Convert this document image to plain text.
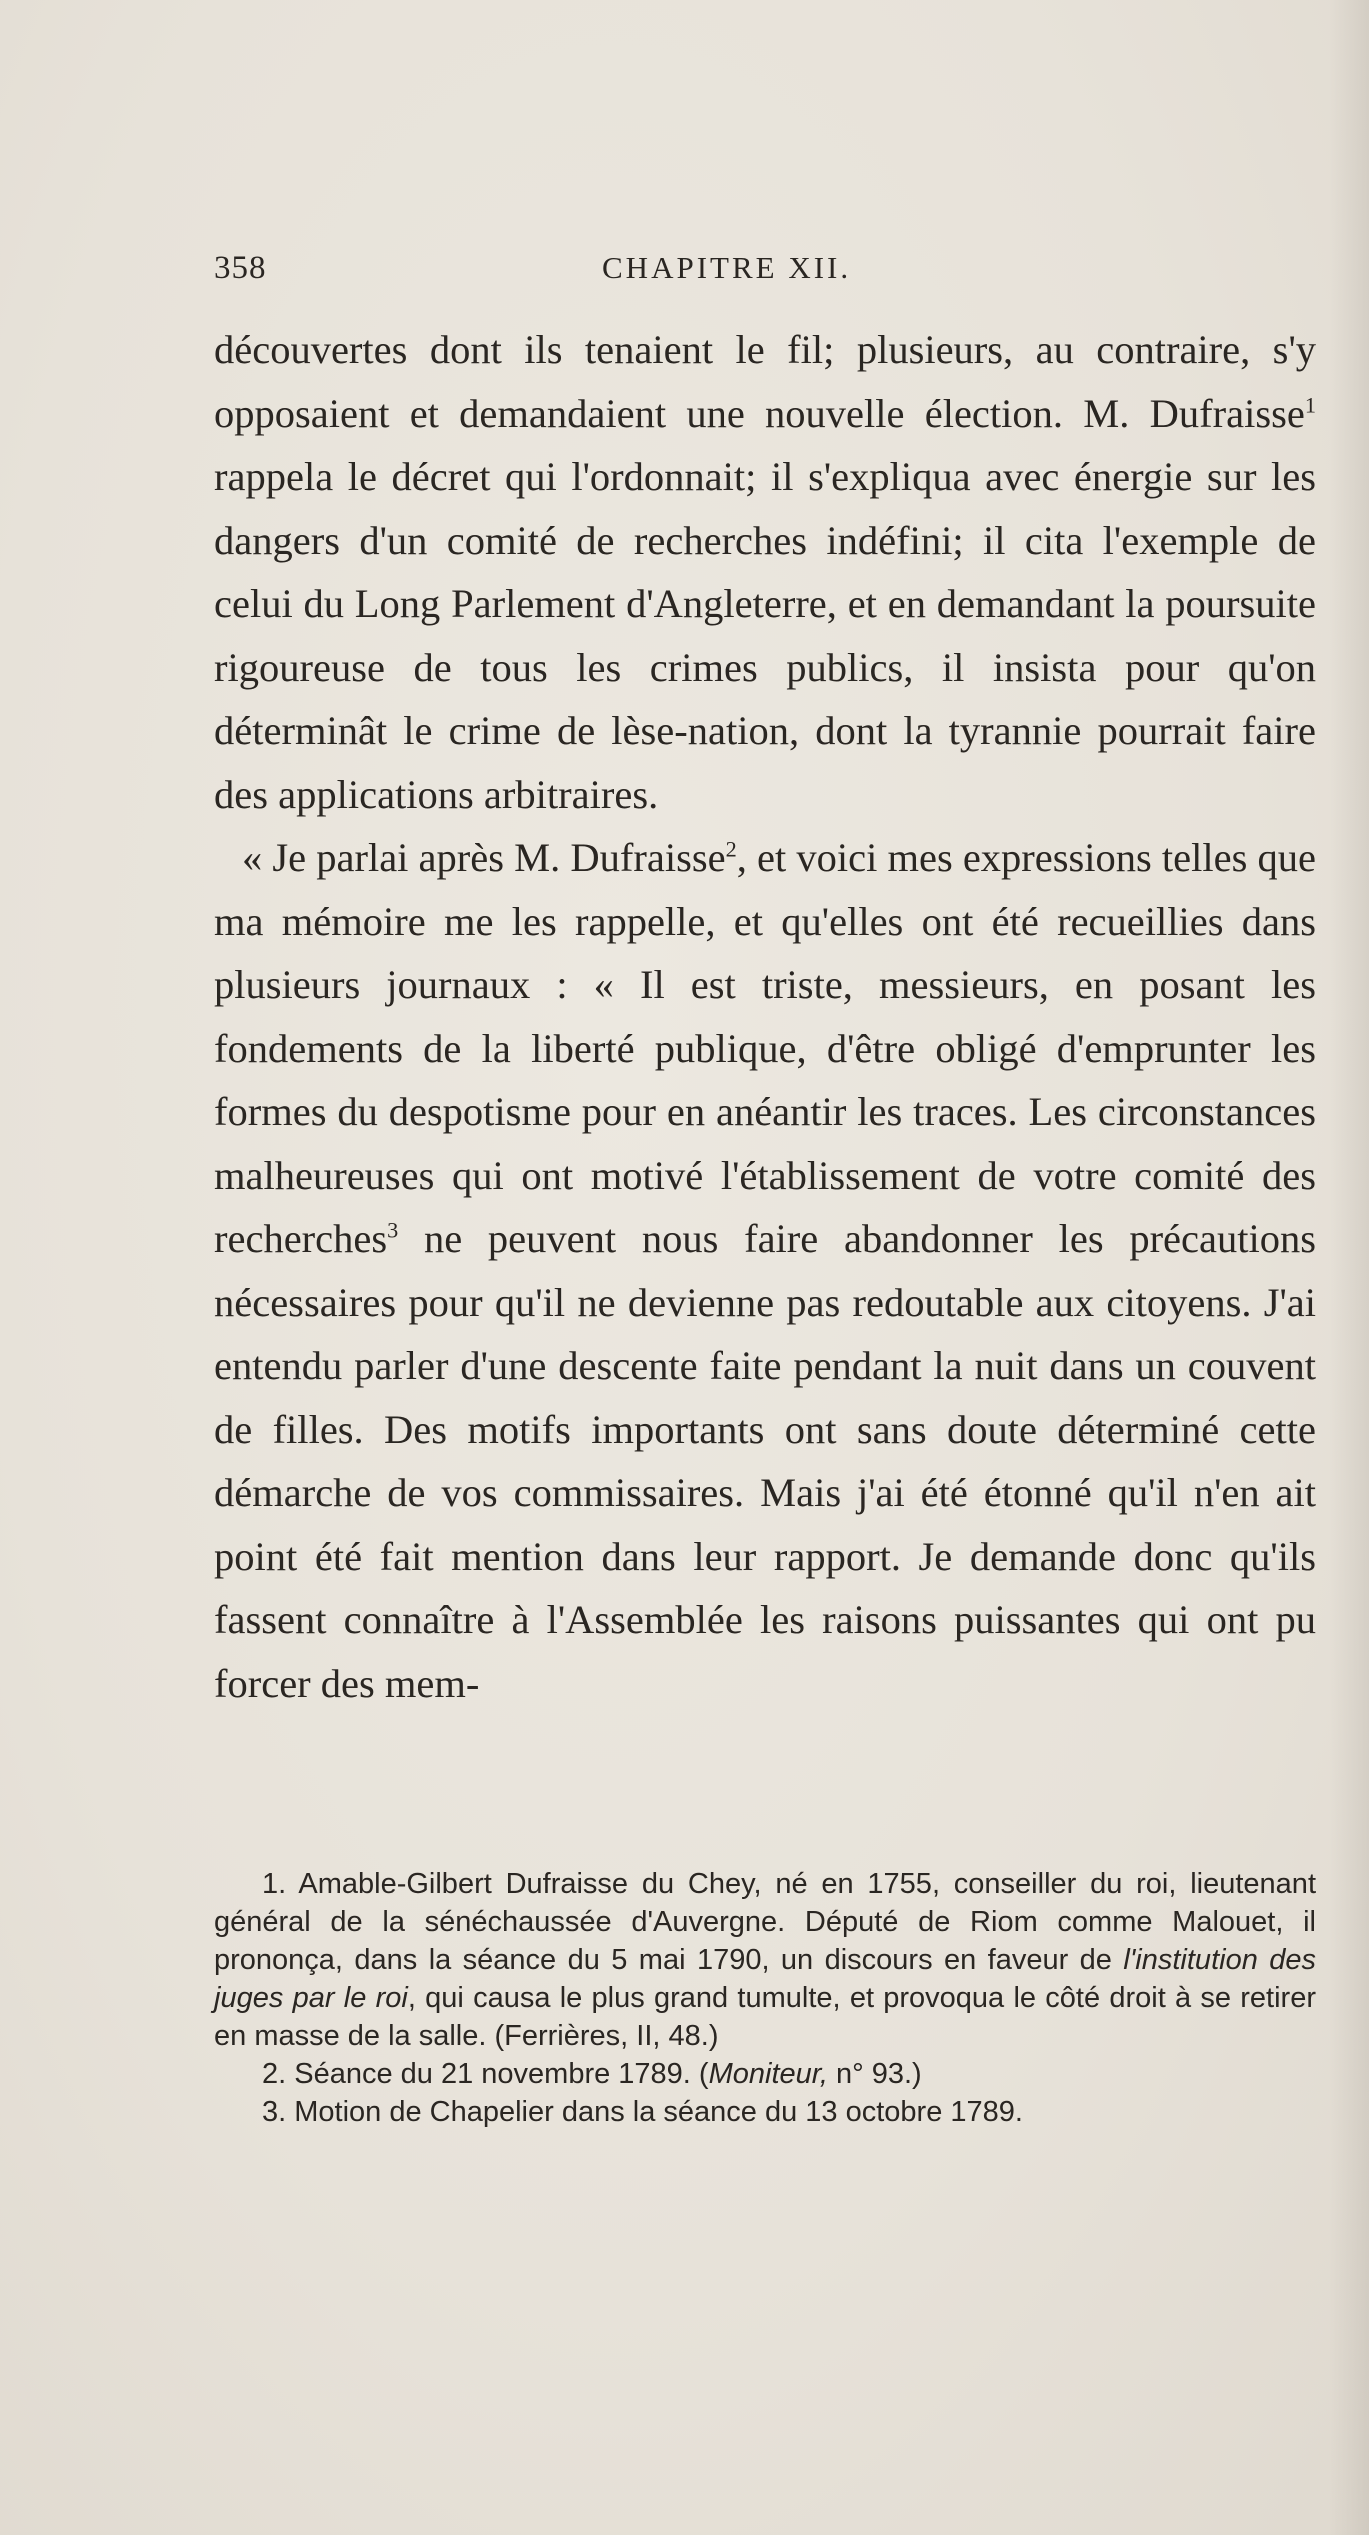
358	CHAPITRE XII.

découvertes dont ils tenaient le fil; plusieurs, au contraire, s'y opposaient et demandaient une nouvelle élection. M. Dufraisse$^1$ rappela le décret qui l'ordonnait; il s'expliqua avec énergie sur les dangers d'un comité de recherches indéfini; il cita l'exemple de celui du Long Parlement d'Angleterre, et en demandant la poursuite rigoureuse de tous les crimes publics, il insista pour qu'on déterminât le crime de lèse-nation, dont la tyrannie pourrait faire des applications arbitraires.

« Je parlai après M. Dufraisse$^2$, et voici mes expressions telles que ma mémoire me les rappelle, et qu'elles ont été recueillies dans plusieurs journaux : « Il est triste, messieurs, en posant les fondements de la liberté publique, d'être obligé d'emprunter les formes du despotisme pour en anéantir les traces. Les circonstances malheureuses qui ont motivé l'établissement de votre comité des recherches$^3$ ne peuvent nous faire abandonner les précautions nécessaires pour qu'il ne devienne pas redoutable aux citoyens. J'ai entendu parler d'une descente faite pendant la nuit dans un couvent de filles. Des motifs importants ont sans doute déterminé cette démarche de vos commissaires. Mais j'ai été étonné qu'il n'en ait point été fait mention dans leur rapport. Je demande donc qu'ils fassent connaître à l'Assemblée les raisons puissantes qui ont pu forcer des mem-

1. Amable-Gilbert Dufraisse du Chey, né en 1755, conseiller du roi, lieutenant général de la sénéchaussée d'Auvergne. Député de Riom comme Malouet, il prononça, dans la séance du 5 mai 1790, un discours en faveur de l'institution des juges par le roi, qui causa le plus grand tumulte, et provoqua le côté droit à se retirer en masse de la salle. (Ferrières, II, 48.)

2. Séance du 21 novembre 1789. (Moniteur, n° 93.)

3. Motion de Chapelier dans la séance du 13 octobre 1789.
